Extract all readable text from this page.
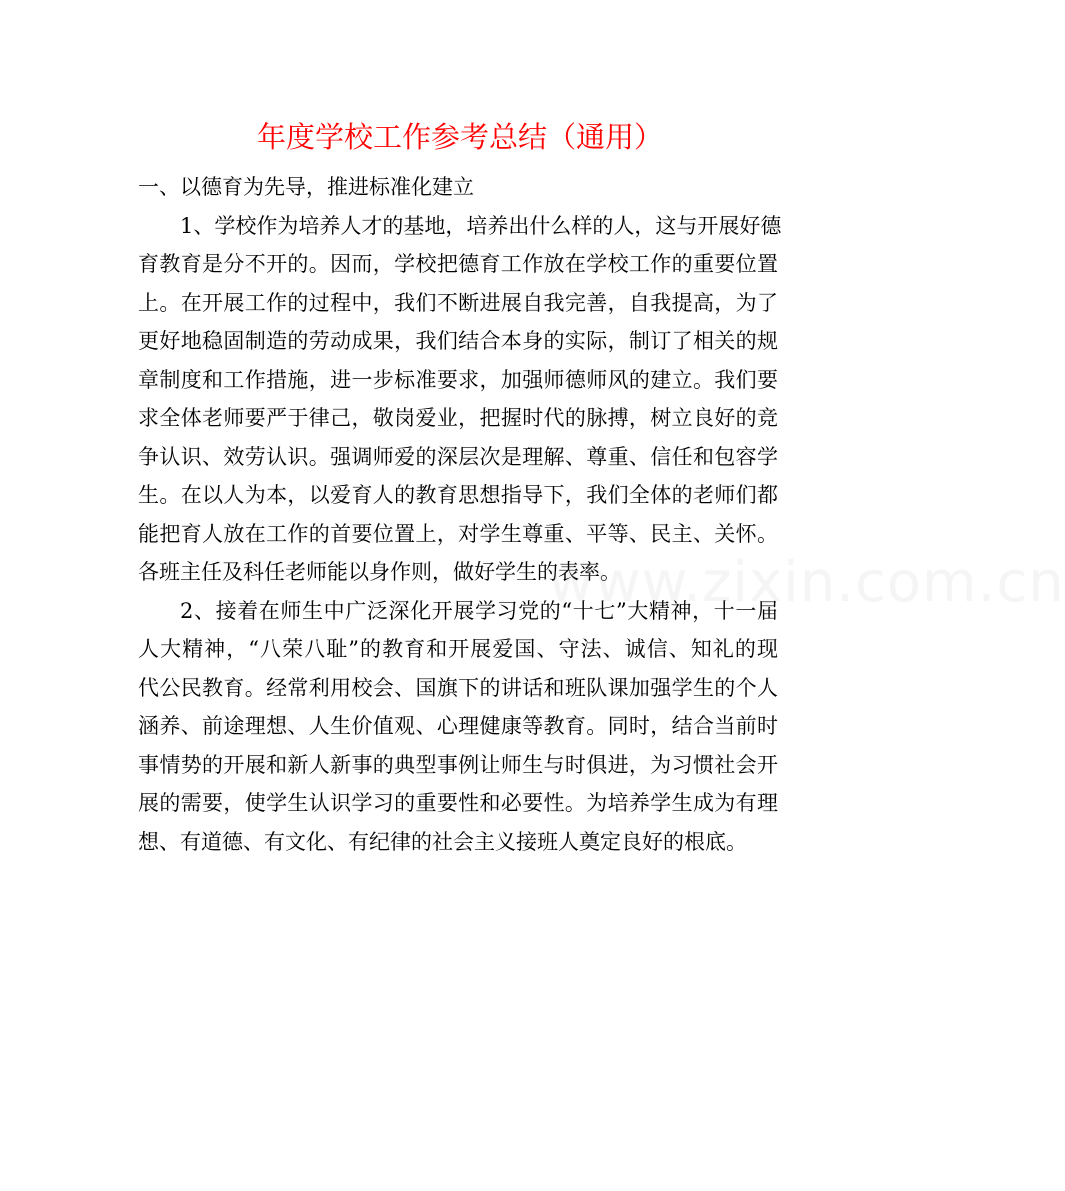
年度学校工作参考总结（通用）

一、以德育为先导，推进标准化建立

1、学校作为培养人才的基地，培养出什么样的人，这与开展好德

育教育是分不开的。因而，学校把德育工作放在学校工作的重要位置

上。在开展工作的过程中，我们不断进展自我完善，自我提高，为了

更好地稳固制造的劳动成果，我们结合本身的实际，制订了相关的规

章制度和工作措施，进一步标准要求，加强师德师风的建立。我们要

求全体老师要严于律己，敬岗爱业，把握时代的脉搏，树立良好的竞

争认识、效劳认识。强调师爱的深层次是理解、尊重、信任和包容学

生。在以人为本，以爱育人的教育思想指导下，我们全体的老师们都

能把育人放在工作的首要位置上，对学生尊重、平等、民主、关怀。

各班主任及科任老师能以身作则，做好学生的表率。

2、接着在师生中广泛深化开展学习党的“十七”大精神，十一届

人大精神，“八荣八耻”的教育和开展爱国、守法、诚信、知礼的现

代公民教育。经常利用校会、国旗下的讲话和班队课加强学生的个人

涵养、前途理想、人生价值观、心理健康等教育。同时，结合当前时

事情势的开展和新人新事的典型事例让师生与时俱进，为习惯社会开

展的需要，使学生认识学习的重要性和必要性。为培养学生成为有理

想、有道德、有文化、有纪律的社会主义接班人奠定良好的根底。

www.zixin.com.cn
